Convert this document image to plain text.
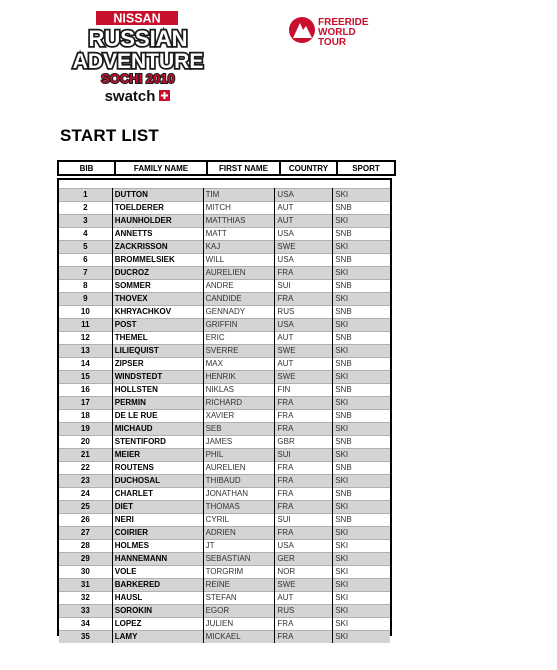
NISSAN
RUSSIAN
ADVENTURE
SOCHI 2010
swatch
FREERIDE
WORLD
TOUR
START LIST
BIB	FAMILY NAME	FIRST NAME	COUNTRY	SPORT
1	DUTTON	TIM	USA	SKI
2	TOELDERER	MITCH	AUT	SNB
3	HAUNHOLDER	MATTHIAS	AUT	SKI
4	ANNETTS	MATT	USA	SNB
5	ZACKRISSON	KAJ	SWE	SKI
6	BROMMELSIEK	WILL	USA	SNB
7	DUCROZ	AURELIEN	FRA	SKI
8	SOMMER	ANDRE	SUI	SNB
9	THOVEX	CANDIDE	FRA	SKI
10	KHRYACHKOV	GENNADY	RUS	SNB
11	POST	GRIFFIN	USA	SKI
12	THEMEL	ERIC	AUT	SNB
13	LILIEQUIST	SVERRE	SWE	SKI
14	ZIPSER	MAX	AUT	SNB
15	WINDSTEDT	HENRIK	SWE	SKI
16	HOLLSTEN	NIKLAS	FIN	SNB
17	PERMIN	RICHARD	FRA	SKI
18	DE LE RUE	XAVIER	FRA	SNB
19	MICHAUD	SEB	FRA	SKI
20	STENTIFORD	JAMES	GBR	SNB
21	MEIER	PHIL	SUI	SKI
22	ROUTENS	AURELIEN	FRA	SNB
23	DUCHOSAL	THIBAUD	FRA	SKI
24	CHARLET	JONATHAN	FRA	SNB
25	DIET	THOMAS	FRA	SKI
26	NERI	CYRIL	SUI	SNB
27	COIRIER	ADRIEN	FRA	SKI
28	HOLMES	JT	USA	SKI
29	HANNEMANN	SEBASTIAN	GER	SKI
30	VOLE	TORGRIM	NOR	SKI
31	BARKERED	REINE	SWE	SKI
32	HAUSL	STEFAN	AUT	SKI
33	SOROKIN	EGOR	RUS	SKI
34	LOPEZ	JULIEN	FRA	SKI
35	LAMY	MICKAEL	FRA	SKI
